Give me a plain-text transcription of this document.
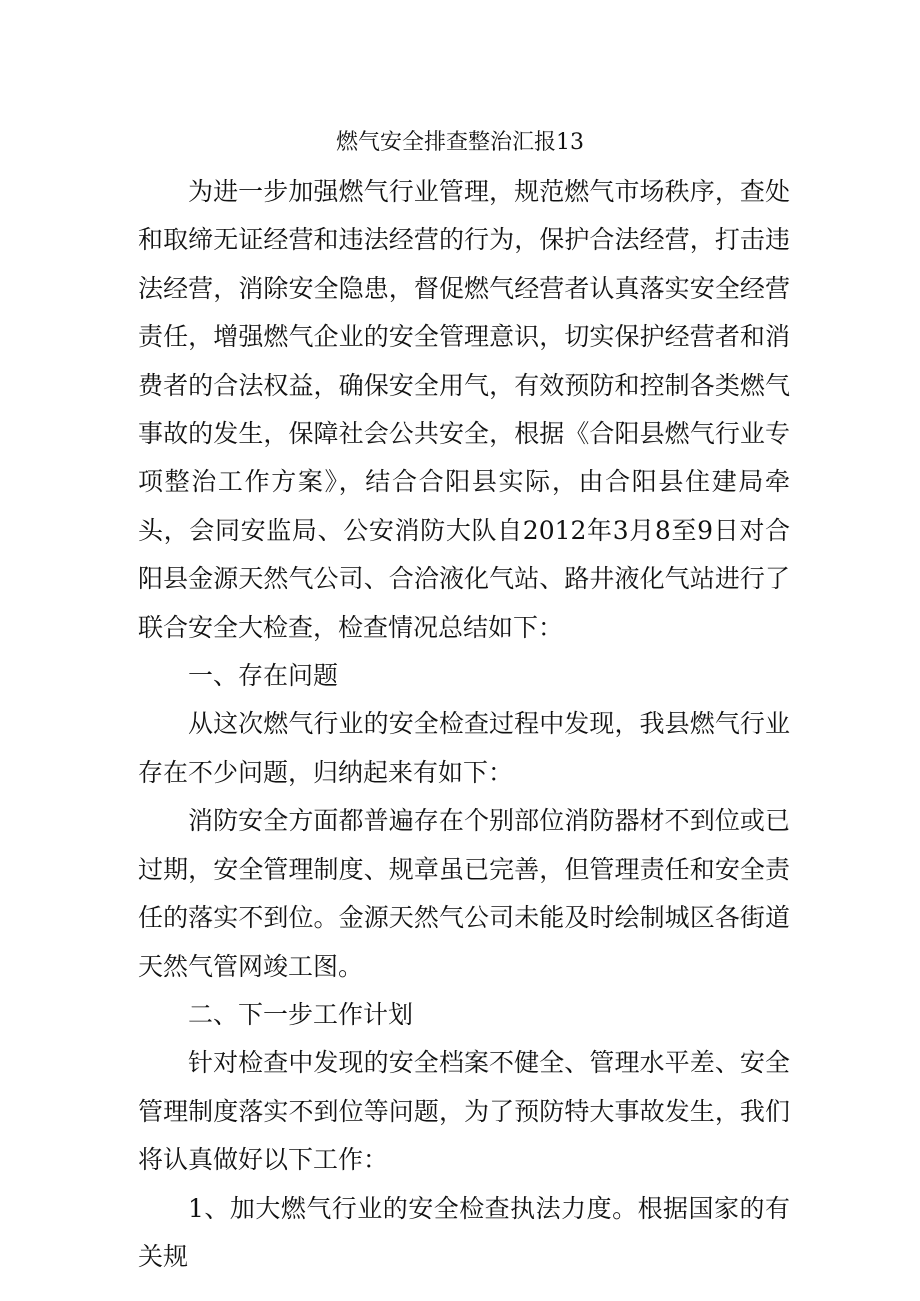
燃气安全排查整治汇报13

为进一步加强燃气行业管理，规范燃气市场秩序，查处和取缔无证经营和违法经营的行为，保护合法经营，打击违法经营，消除安全隐患，督促燃气经营者认真落实安全经营责任，增强燃气企业的安全管理意识，切实保护经营者和消费者的合法权益，确保安全用气，有效预防和控制各类燃气事故的发生，保障社会公共安全，根据《合阳县燃气行业专项整治工作方案》，结合合阳县实际，由合阳县住建局牵头，会同安监局、公安消防大队自2012年3月8至9日对合阳县金源天然气公司、合洽液化气站、路井液化气站进行了联合安全大检查，检查情况总结如下：

一、存在问题

从这次燃气行业的安全检查过程中发现，我县燃气行业存在不少问题，归纳起来有如下：

消防安全方面都普遍存在个别部位消防器材不到位或已过期，安全管理制度、规章虽已完善，但管理责任和安全责任的落实不到位。金源天然气公司未能及时绘制城区各街道天然气管网竣工图。

二、下一步工作计划

针对检查中发现的安全档案不健全、管理水平差、安全管理制度落实不到位等问题，为了预防特大事故发生，我们将认真做好以下工作：

1、加大燃气行业的安全检查执法力度。根据国家的有关规
